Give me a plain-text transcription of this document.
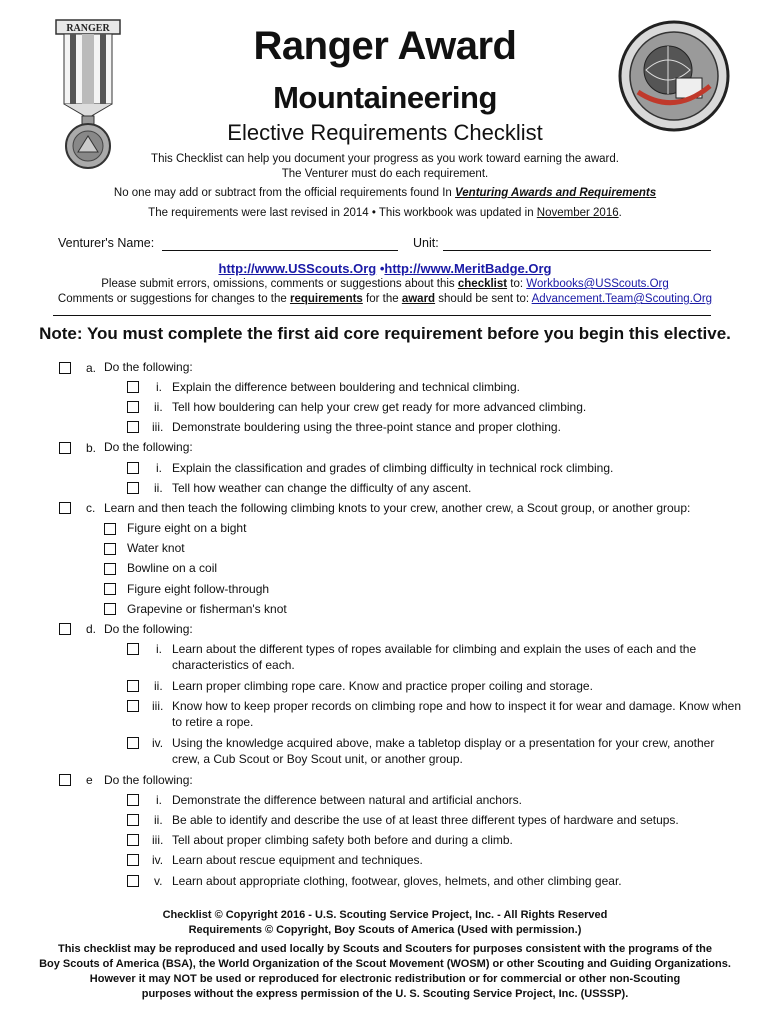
RANGER	Ranger Award
Mountaineering
Elective Requirements Checklist
This Checklist can help you document your progress as you work toward earning the award.
The Venturer must do each requirement.
No one may add or subtract from the official requirements found In Venturing Awards and Requirements
The requirements were last revised in 2014 • This workbook was updated in November 2016.
Venturer's Name:	Unit:
http://www.USScouts.Org •http://www.MeritBadge.Org
Please submit errors, omissions, comments or suggestions about this checklist to: Workbooks@USScouts.Org
Comments or suggestions for changes to the requirements for the award should be sent to: Advancement.Team@Scouting.Org
Note: You must complete the first aid core requirement before you begin this elective.
a. Do the following:
i. Explain the difference between bouldering and technical climbing.
ii. Tell how bouldering can help your crew get ready for more advanced climbing.
iii. Demonstrate bouldering using the three-point stance and proper clothing.
b. Do the following:
i. Explain the classification and grades of climbing difficulty in technical rock climbing.
ii. Tell how weather can change the difficulty of any ascent.
c. Learn and then teach the following climbing knots to your crew, another crew, a Scout group, or another group:
Figure eight on a bight
Water knot
Bowline on a coil
Figure eight follow-through
Grapevine or fisherman's knot
d. Do the following:
i. Learn about the different types of ropes available for climbing and explain the uses of each and the
characteristics of each.
ii. Learn proper climbing rope care. Know and practice proper coiling and storage.
iii. Know how to keep proper records on climbing rope and how to inspect it for wear and damage. Know when
to retire a rope.
iv. Using the knowledge acquired above, make a tabletop display or a presentation for your crew, another
crew, a Cub Scout or Boy Scout unit, or another group.
e Do the following:
i. Demonstrate the difference between natural and artificial anchors.
ii. Be able to identify and describe the use of at least three different types of hardware and setups.
iii. Tell about proper climbing safety both before and during a climb.
iv. Learn about rescue equipment and techniques.
v. Learn about appropriate clothing, footwear, gloves, helmets, and other climbing gear.
Checklist © Copyright 2016 - U.S. Scouting Service Project, Inc. - All Rights Reserved
Requirements © Copyright, Boy Scouts of America (Used with permission.)
This checklist may be reproduced and used locally by Scouts and Scouters for purposes consistent with the programs of the
Boy Scouts of America (BSA), the World Organization of the Scout Movement (WOSM) or other Scouting and Guiding Organizations.
However it may NOT be used or reproduced for electronic redistribution or for commercial or other non-Scouting
purposes without the express permission of the U. S. Scouting Service Project, Inc. (USSSP).
